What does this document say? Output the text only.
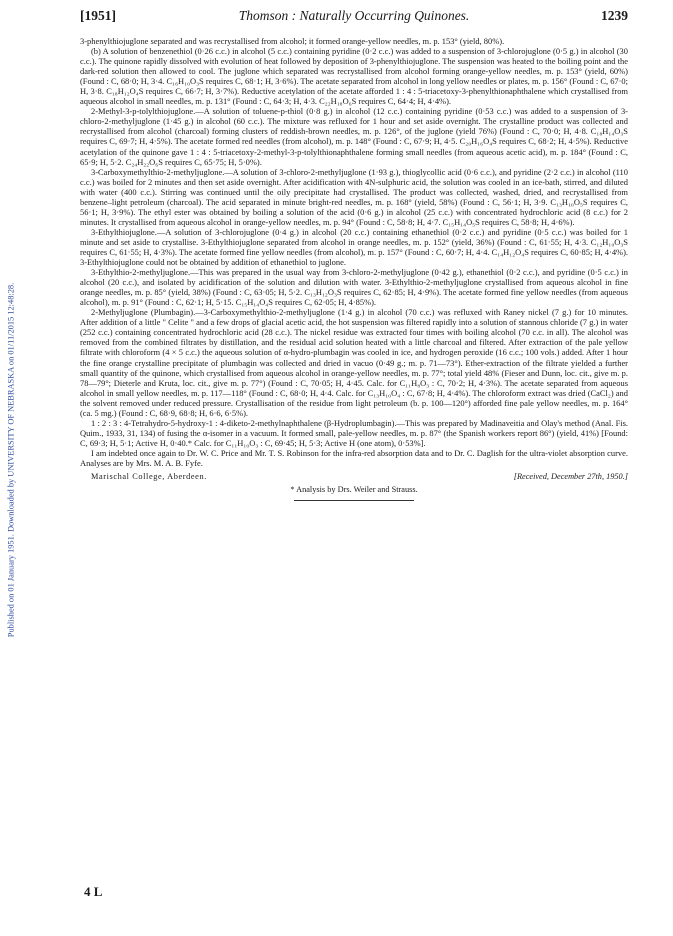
Published on 01 January 1951. Downloaded by UNIVERSITY OF NEBRASKA on 01/11/2015 12:48:28.
[1951]	Thomson : Naturally Occurring Quinones.	1239

3-phenylthiojuglone separated and was recrystallised from alcohol; it formed orange-yellow needles, m. p. 153° (yield, 80%).

(b) A solution of benzenethiol (0·26 c.c.) in alcohol (5 c.c.) containing pyridine (0·2 c.c.) was added to a suspension of 3-chlorojuglone (0·5 g.) in alcohol (30 c.c.). The quinone rapidly dissolved with evolution of heat followed by deposition of 3-phenylthiojuglone. The suspension was heated to the boiling point and the dark-red solution then allowed to cool. The juglone which separated was recrystallised from alcohol forming orange-yellow needles, m. p. 153° (yield, 60%) (Found : C, 68·0; H, 3·4. C₁₆H₁₀O₃S requires C, 68·1; H, 3·6%). The acetate separated from alcohol in long yellow needles or plates, m. p. 156° (Found : C, 67·0; H, 3·8. C₁₈H₁₂O₄S requires C, 66·7; H, 3·7%). Reductive acetylation of the acetate afforded 1 : 4 : 5-triacetoxy-3-phenylthionaphthalene which crystallised from aqueous alcohol in small needles, m. p. 131° (Found : C, 64·3; H, 4·3. C₂₂H₁₈O₆S requires C, 64·4; H, 4·4%).

2-Methyl-3-p-tolylthiojuglone.—A solution of toluene-p-thiol (0·8 g.) in alcohol (12 c.c.) containing pyridine (0·53 c.c.) was added to a suspension of 3-chloro-2-methyljuglone (1·45 g.) in alcohol (60 c.c.). The mixture was refluxed for 1 hour and set aside overnight. The crystalline product was collected and recrystallised from alcohol (charcoal) forming clusters of reddish-brown needles, m. p. 126°, of the juglone (yield 76%) (Found : C, 70·0; H, 4·8. C₁₈H₁₄O₃S requires C, 69·7; H, 4·5%). The acetate formed red needles (from alcohol), m. p. 148° (Found : C, 67·9; H, 4·5. C₂₀H₁₆O₄S requires C, 68·2; H, 4·5%). Reductive acetylation of the quinone gave 1 : 4 : 5-triacetoxy-2-methyl-3-p-tolylthionaphthalene forming small needles (from aqueous acetic acid), m. p. 184° (Found : C, 65·9; H, 5·2. C₂₄H₂₂O₆S requires C, 65·75; H, 5·0%).

3-Carboxymethylthio-2-methyljuglone.—A solution of 3-chloro-2-methyljuglone (1·93 g.), thioglycollic acid (0·6 c.c.), and pyridine (2·2 c.c.) in alcohol (110 c.c.) was boiled for 2 minutes and then set aside overnight. After acidification with 4N-sulphuric acid, the solution was cooled in an ice-bath, stirred, and diluted with water (400 c.c.). Stirring was continued until the oily precipitate had crystallised. The product was collected, washed, dried, and recrystallised from benzene–light petroleum (charcoal). The acid separated in minute bright-red needles, m. p. 168° (yield, 58%) (Found : C, 56·1; H, 3·9. C₁₃H₁₀O₅S requires C, 56·1; H, 3·9%). The ethyl ester was obtained by boiling a solution of the acid (0·6 g.) in alcohol (25 c.c.) with concentrated hydrochloric acid (8 c.c.) for 2 minutes. It crystallised from aqueous alcohol in orange-yellow needles, m. p. 94° (Found : C, 58·8; H, 4·7. C₁₅H₁₄O₅S requires C, 58·8; H, 4·6%).

3-Ethylthiojuglone.—A solution of 3-chlorojuglone (0·4 g.) in alcohol (20 c.c.) containing ethanethiol (0·2 c.c.) and pyridine (0·5 c.c.) was boiled for 1 minute and set aside to crystallise. 3-Ethylthiojuglone separated from alcohol in orange needles, m. p. 152° (yield, 36%) (Found : C, 61·55; H, 4·3. C₁₂H₁₀O₃S requires C, 61·55; H, 4·3%). The acetate formed fine yellow needles (from alcohol), m. p. 157° (Found : C, 60·7; H, 4·4. C₁₄H₁₂O₄S requires C, 60·85; H, 4·4%). 3-Ethylthiojuglone could not be obtained by addition of ethanethiol to juglone.

3-Ethylthio-2-methyljuglone.—This was prepared in the usual way from 3-chloro-2-methyljuglone (0·42 g.), ethanethiol (0·2 c.c.), and pyridine (0·5 c.c.) in alcohol (20 c.c.), and isolated by acidification of the solution and dilution with water. 3-Ethylthio-2-methyljuglone crystallised from aqueous alcohol in fine orange needles, m. p. 85° (yield, 38%) (Found : C, 63·05; H, 5·2. C₁₃H₁₂O₃S requires C, 62·85; H, 4·9%). The acetate formed fine yellow needles (from aqueous alcohol), m. p. 91° (Found : C, 62·1; H, 5·15. C₁₅H₁₄O₄S requires C, 62·05; H, 4·85%).

2-Methyljuglone (Plumbagin).—3-Carboxymethylthio-2-methyljuglone (1·4 g.) in alcohol (70 c.c.) was refluxed with Raney nickel (7 g.) for 10 minutes. After addition of a little " Celite " and a few drops of glacial acetic acid, the hot suspension was filtered rapidly into a solution of stannous chloride (7 g.) in water (252 c.c.) containing concentrated hydrochloric acid (28 c.c.). The nickel residue was extracted four times with boiling alcohol (70 c.c. in all). The alcohol was removed from the combined filtrates by distillation, and the residual acid solution heated with a little charcoal and filtered. After extraction of the pale yellow filtrate with chloroform (4 × 5 c.c.) the aqueous solution of α-hydro-plumbagin was cooled in ice, and hydrogen peroxide (16 c.c.; 100 vols.) added. After 1 hour the fine orange crystalline precipitate of plumbagin was collected and dried in vacuo (0·49 g.; m. p. 71—73°). Ether-extraction of the filtrate yielded a further small quantity of the quinone, which crystallised from aqueous alcohol in orange-yellow needles, m. p. 77°; total yield 48% (Fieser and Dunn, loc. cit., give m. p. 78—79°; Dieterle and Kruta, loc. cit., give m. p. 77°) (Found : C, 70·05; H, 4·45. Calc. for C₁₁H₈O₃ : C, 70·2; H, 4·3%). The acetate separated from aqueous alcohol in small yellow needles, m. p. 117—118° (Found : C, 68·0; H, 4·4. Calc. for C₁₃H₁₀O₄ : C, 67·8; H, 4·4%). The chloroform extract was dried (CaCl₂) and the solvent removed under reduced pressure. Crystallisation of the residue from light petroleum (b. p. 100—120°) afforded fine pale yellow needles, m. p. 164° (ca. 5 mg.) (Found : C, 68·9, 68·8; H, 6·6, 6·5%).

1 : 2 : 3 : 4-Tetrahydro-5-hydroxy-1 : 4-diketo-2-methylnaphthalene (β-Hydroplumbagin).—This was prepared by Madinaveitia and Olay's method (Anal. Fis. Quim., 1933, 31, 134) of fusing the α-isomer in a vacuum. It formed small, pale-yellow needles, m. p. 87° (the Spanish workers report 86°) (yield, 41%) [Found: C, 69·3; H, 5·1; Active H, 0·40.* Calc. for C₁₁H₁₀O₃ : C, 69·45; H, 5·3; Active H (one atom), 0·53%].

I am indebted once again to Dr. W. C. Price and Mr. T. S. Robinson for the infra-red absorption data and to Dr. C. Daglish for the ultra-violet absorption curve. Analyses are by Mrs. M. A. B. Fyfe.

Marischal College, Aberdeen.	[Received, December 27th, 1950.]
* Analysis by Drs. Weiler and Strauss.
4 L
